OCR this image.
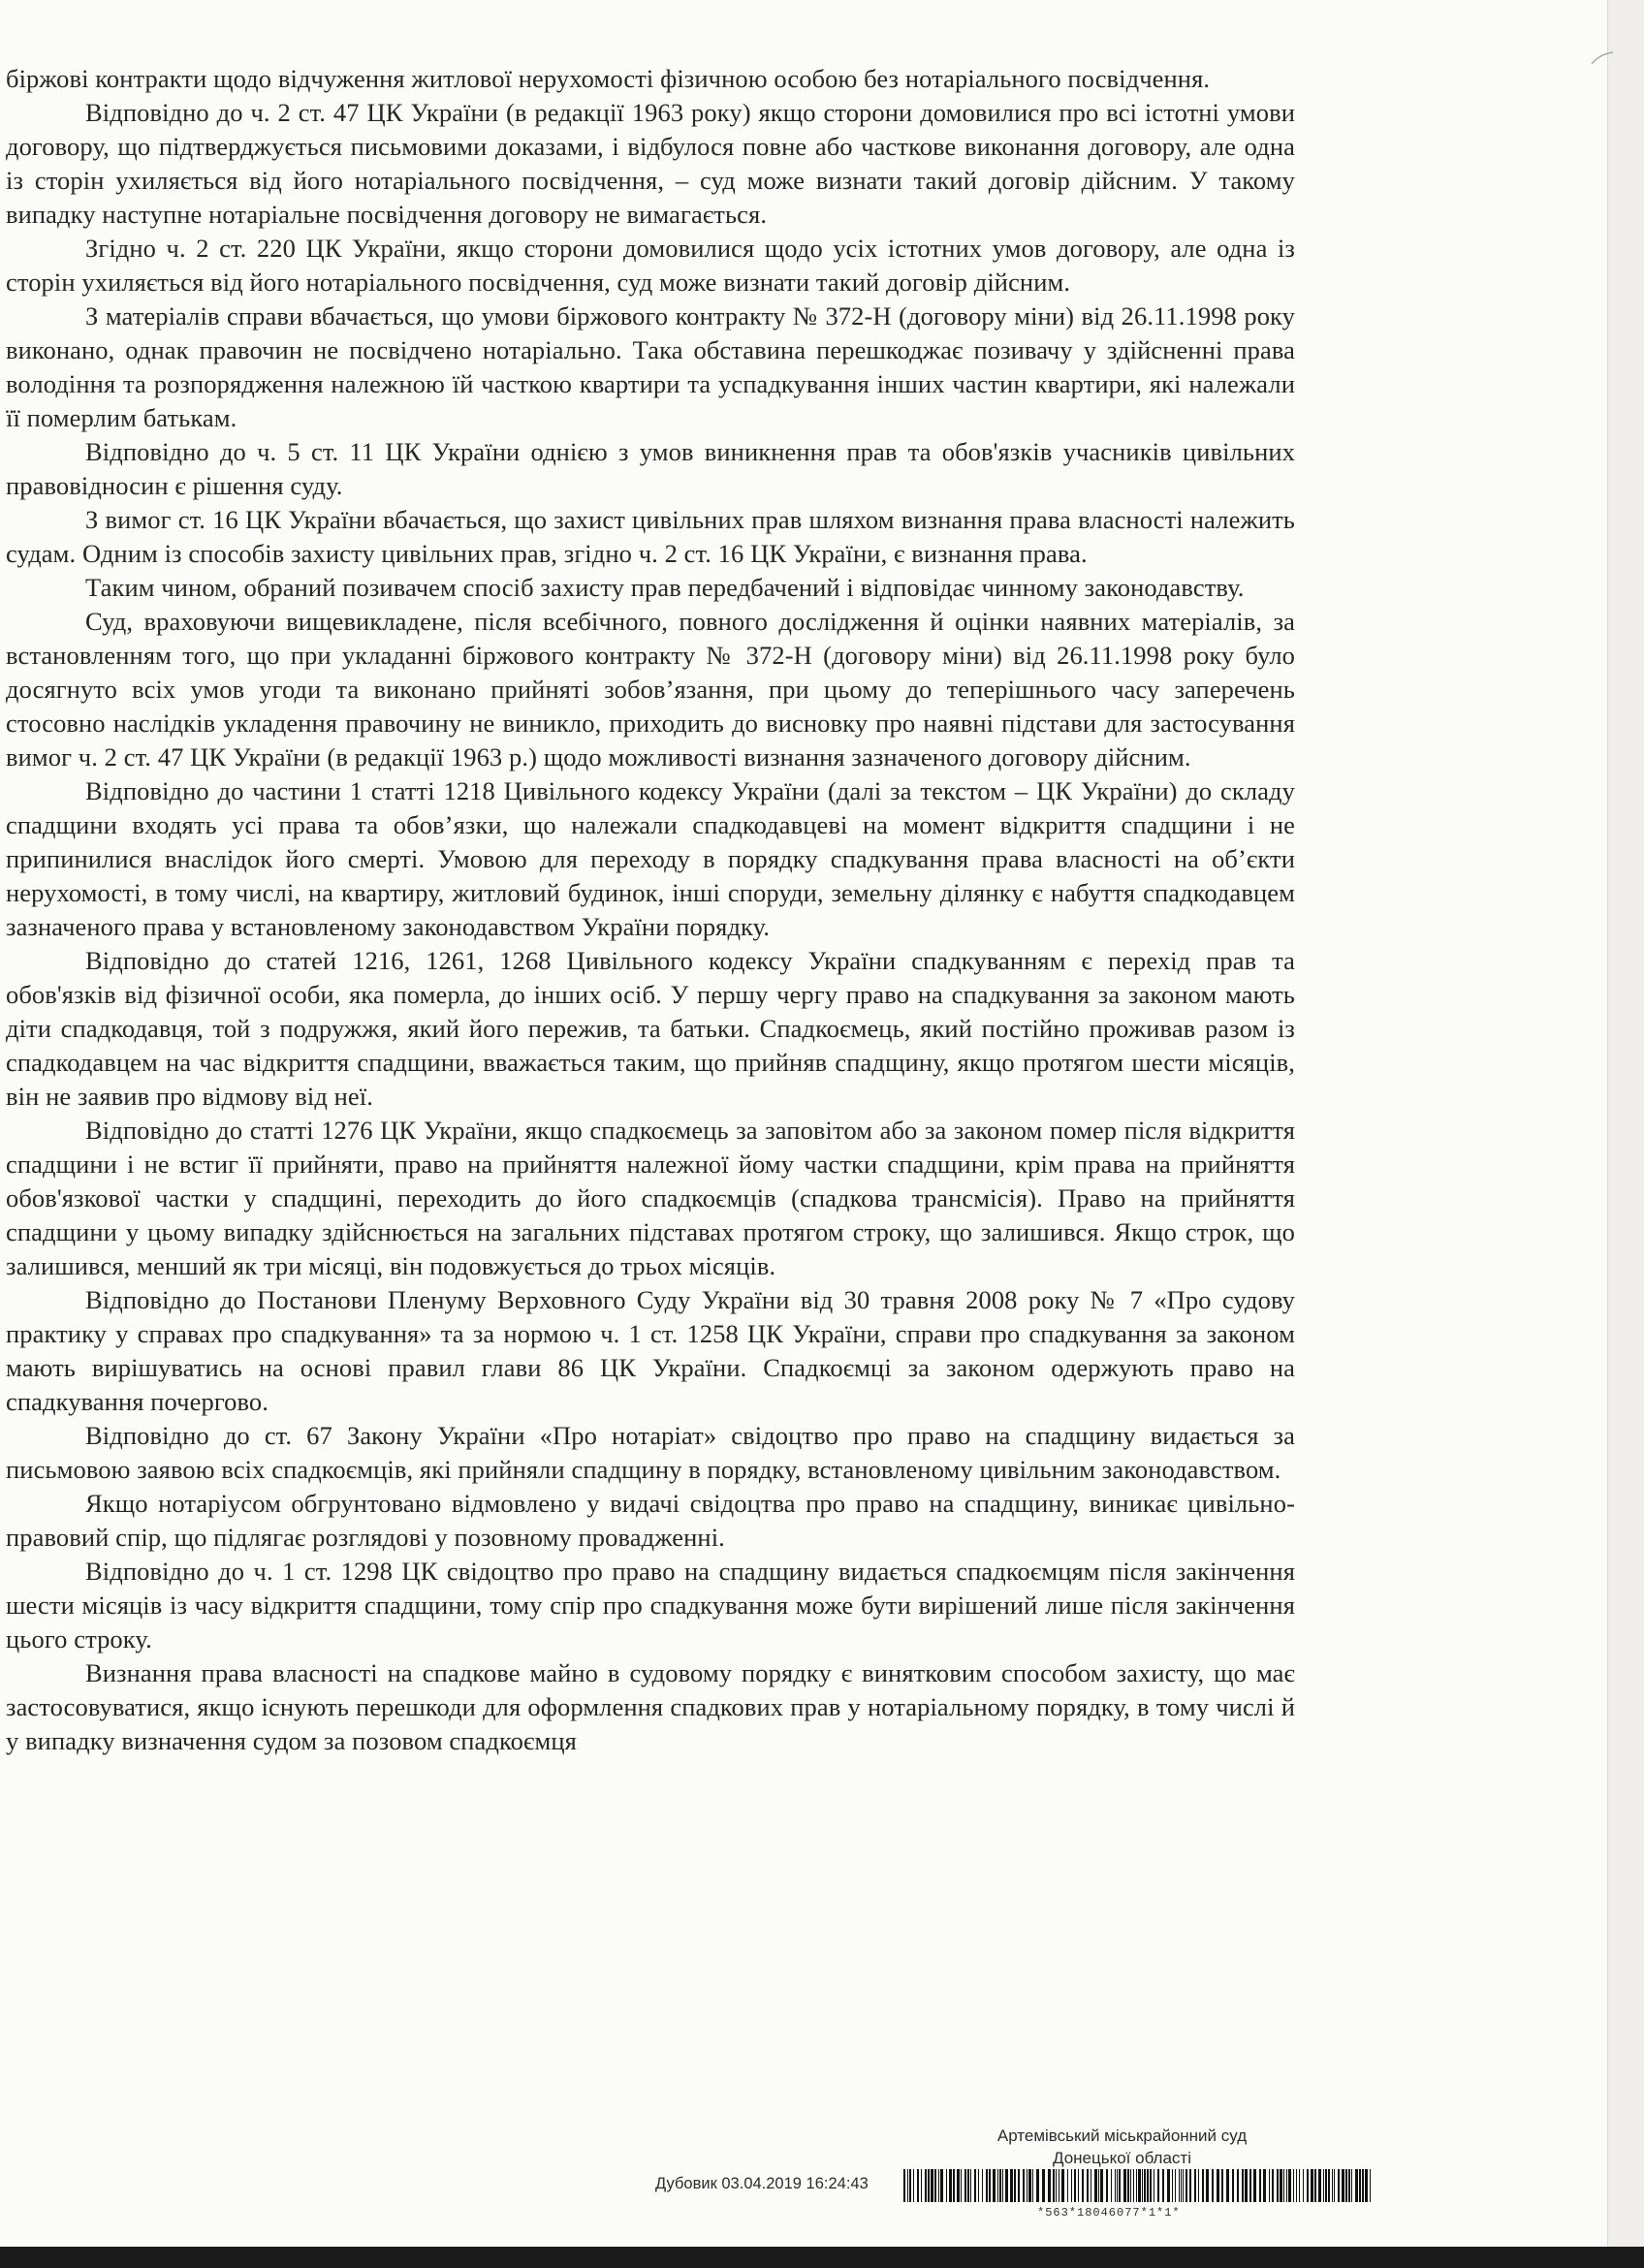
біржові контракти щодо відчуження житлової нерухомості фізичною особою без нотаріального посвідчення.

Відповідно до ч. 2 ст. 47 ЦК України (в редакції 1963 року) якщо сторони домовилися про всі істотні умови договору, що підтверджується письмовими доказами, і відбулося повне або часткове виконання договору, але одна із сторін ухиляється від його нотаріального посвідчення, – суд може визнати такий договір дійсним. У такому випадку наступне нотаріальне посвідчення договору не вимагається.

Згідно ч. 2 ст. 220 ЦК України, якщо сторони домовилися щодо усіх істотних умов договору, але одна із сторін ухиляється від його нотаріального посвідчення, суд може визнати такий договір дійсним.

З матеріалів справи вбачається, що умови біржового контракту № 372-Н (договору міни) від 26.11.1998 року виконано, однак правочин не посвідчено нотаріально. Така обставина перешкоджає позивачу у здійсненні права володіння та розпорядження належною їй часткою квартири та успадкування інших частин квартири, які належали її померлим батькам.

Відповідно до ч. 5 ст. 11 ЦК України однією з умов виникнення прав та обов'язків учасників цивільних правовідносин є рішення суду.

З вимог ст. 16 ЦК України вбачається, що захист цивільних прав шляхом визнання права власності належить судам. Одним із способів захисту цивільних прав, згідно ч. 2 ст. 16 ЦК України, є визнання права.

Таким чином, обраний позивачем спосіб захисту прав передбачений і відповідає чинному законодавству.

Суд, враховуючи вищевикладене, після всебічного, повного дослідження й оцінки наявних матеріалів, за встановленням того, що при укладанні біржового контракту № 372-Н (договору міни) від 26.11.1998 року було досягнуто всіх умов угоди та виконано прийняті зобов’язання, при цьому до теперішнього часу заперечень стосовно наслідків укладення правочину не виникло, приходить до висновку про наявні підстави для застосування вимог ч. 2 ст. 47 ЦК України (в редакції 1963 р.) щодо можливості визнання зазначеного договору дійсним.

Відповідно до частини 1 статті 1218 Цивільного кодексу України (далі за текстом – ЦК України) до складу спадщини входять усі права та обов’язки, що належали спадкодавцеві на момент відкриття спадщини і не припинилися внаслідок його смерті. Умовою для переходу в порядку спадкування права власності на об’єкти нерухомості, в тому числі, на квартиру, житловий будинок, інші споруди, земельну ділянку є набуття спадкодавцем зазначеного права у встановленому законодавством України порядку.

Відповідно до статей 1216, 1261, 1268 Цивільного кодексу України спадкуванням є перехід прав та обов'язків від фізичної особи, яка померла, до інших осіб. У першу чергу право на спадкування за законом мають діти спадкодавця, той з подружжя, який його пережив, та батьки. Спадкоємець, який постійно проживав разом із спадкодавцем на час відкриття спадщини, вважається таким, що прийняв спадщину, якщо протягом шести місяців, він не заявив про відмову від неї.

Відповідно до статті 1276 ЦК України, якщо спадкоємець за заповітом або за законом помер після відкриття спадщини і не встиг її прийняти, право на прийняття належної йому частки спадщини, крім права на прийняття обов'язкової частки у спадщині, переходить до його спадкоємців (спадкова трансмісія). Право на прийняття спадщини у цьому випадку здійснюється на загальних підставах протягом строку, що залишився. Якщо строк, що залишився, менший як три місяці, він подовжується до трьох місяців.

Відповідно до Постанови Пленуму Верховного Суду України від 30 травня 2008 року № 7 «Про судову практику у справах про спадкування» та за нормою ч. 1 ст. 1258 ЦК України, справи про спадкування за законом мають вирішуватись на основі правил глави 86 ЦК України. Спадкоємці за законом одержують право на спадкування почергово.

Відповідно до ст. 67 Закону України «Про нотаріат» свідоцтво про право на спадщину видається за письмовою заявою всіх спадкоємців, які прийняли спадщину в порядку, встановленому цивільним законодавством.

Якщо нотаріусом обгрунтовано відмовлено у видачі свідоцтва про право на спадщину, виникає цивільно-правовий спір, що підлягає розглядові у позовному провадженні.

Відповідно до ч. 1 ст. 1298 ЦК свідоцтво про право на спадщину видається спадкоємцям після закінчення шести місяців із часу відкриття спадщини, тому спір про спадкування може бути вирішений лише після закінчення цього строку.

Визнання права власності на спадкове майно в судовому порядку є винятковим способом захисту, що має застосовуватися, якщо існують перешкоди для оформлення спадкових прав у нотаріальному порядку, в тому числі й у випадку визначення судом за позовом спадкоємця

Артемівський міськрайонний суд
Донецької області
Дубовик 03.04.2019 16:24:43
*563*18046077*1*1*
